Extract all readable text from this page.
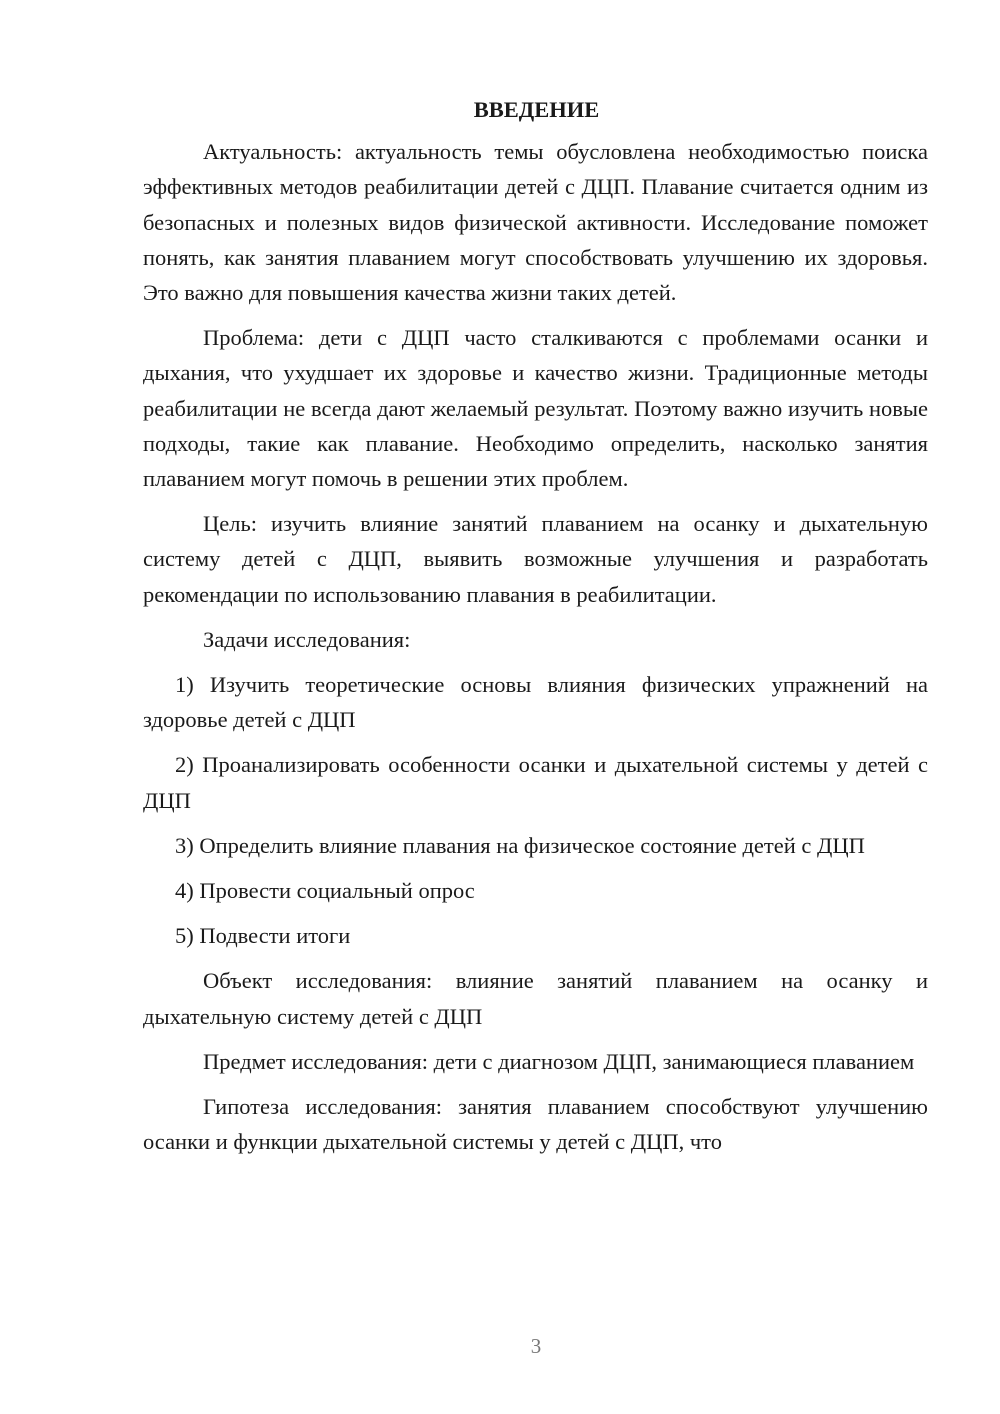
ВВЕДЕНИЕ

Актуальность: актуальность темы обусловлена необходимостью поиска эффективных методов реабилитации детей с ДЦП. Плавание считается одним из безопасных и полезных видов физической активности. Исследование поможет понять, как занятия плаванием могут способствовать улучшению их здоровья. Это важно для повышения качества жизни таких детей.

Проблема: дети с ДЦП часто сталкиваются с проблемами осанки и дыхания, что ухудшает их здоровье и качество жизни. Традиционные методы реабилитации не всегда дают желаемый результат. Поэтому важно изучить новые подходы, такие как плавание. Необходимо определить, насколько занятия плаванием могут помочь в решении этих проблем.

Цель: изучить влияние занятий плаванием на осанку и дыхательную систему детей с ДЦП, выявить возможные улучшения и разработать рекомендации по использованию плавания в реабилитации.

Задачи исследования:

1) Изучить теоретические основы влияния физических упражнений на здоровье детей с ДЦП

2) Проанализировать особенности осанки и дыхательной системы у детей с ДЦП

3) Определить влияние плавания на физическое состояние детей с ДЦП

4) Провести социальный опрос

5) Подвести итоги

Объект исследования: влияние занятий плаванием на осанку и дыхательную систему детей с ДЦП

Предмет исследования: дети с диагнозом ДЦП, занимающиеся плаванием

Гипотеза исследования: занятия плаванием способствуют улучшению осанки и функции дыхательной системы у детей с ДЦП, что

3
